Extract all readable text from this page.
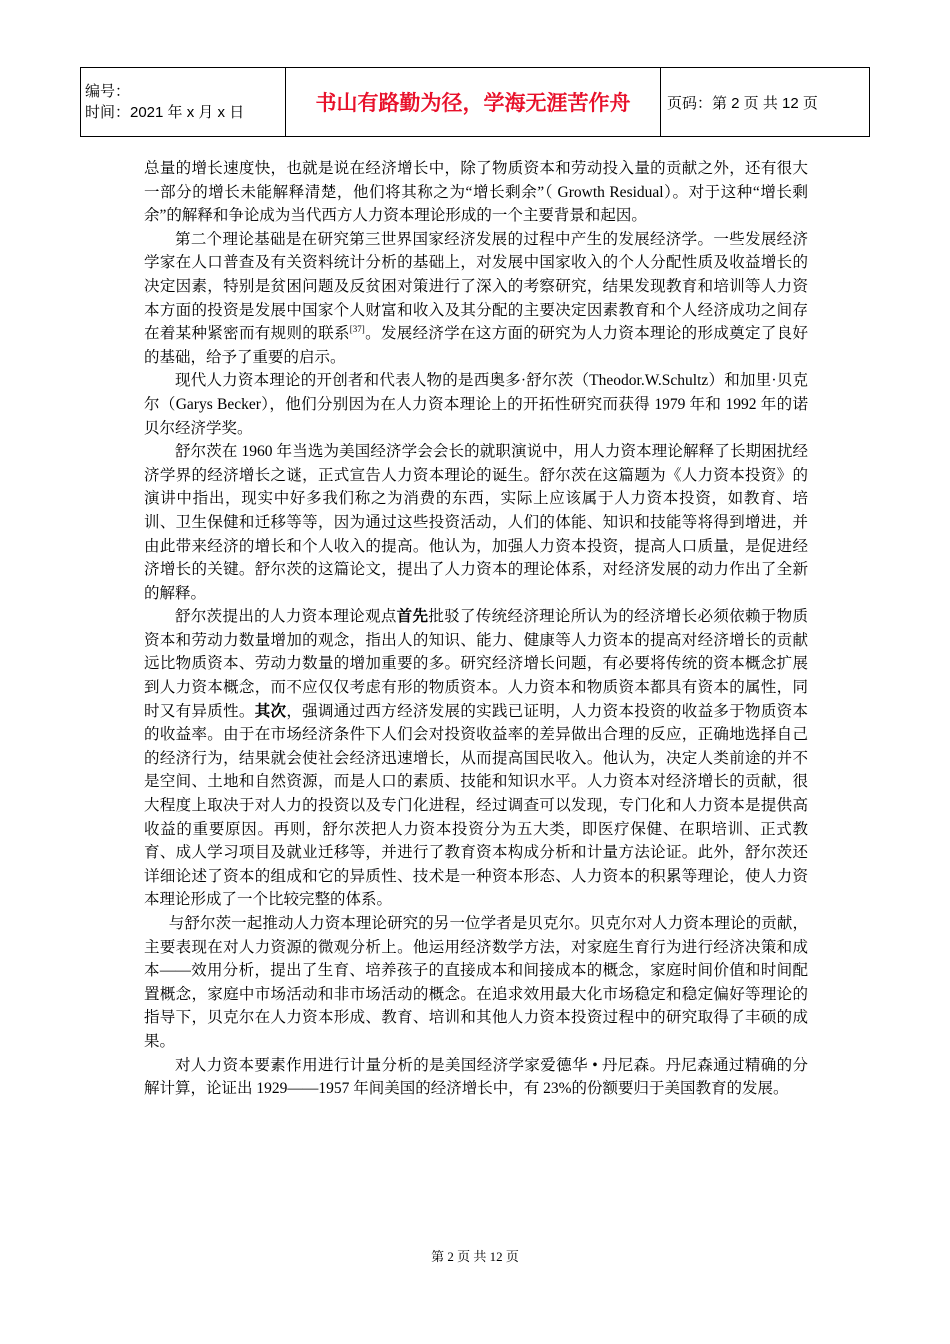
编号：
时间：2021 年 x 月 x 日	书山有路勤为径，学海无涯苦作舟	页码：第 2 页 共 12 页

总量的增长速度快，也就是说在经济增长中，除了物质资本和劳动投入量的贡献之外，还有很大一部分的增长未能解释清楚，他们将其称之为“增长剩余”（ Growth Residual）。对于这种“增长剩余”的解释和争论成为当代西方人力资本理论形成的一个主要背景和起因。

第二个理论基础是在研究第三世界国家经济发展的过程中产生的发展经济学。一些发展经济学家在人口普查及有关资料统计分析的基础上，对发展中国家收入的个人分配性质及收益增长的决定因素，特别是贫困问题及反贫困对策进行了深入的考察研究，结果发现教育和培训等人力资本方面的投资是发展中国家个人财富和收入及其分配的主要决定因素教育和个人经济成功之间存在着某种紧密而有规则的联系[37]。发展经济学在这方面的研究为人力资本理论的形成奠定了良好的基础，给予了重要的启示。

现代人力资本理论的开创者和代表人物的是西奥多·舒尔茨（Theodor.W.Schultz）和加里·贝克尔（Garys Becker），他们分别因为在人力资本理论上的开拓性研究而获得 1979 年和 1992 年的诺贝尔经济学奖。

舒尔茨在 1960 年当选为美国经济学会会长的就职演说中，用人力资本理论解释了长期困扰经济学界的经济增长之谜，正式宣告人力资本理论的诞生。舒尔茨在这篇题为《人力资本投资》的演讲中指出，现实中好多我们称之为消费的东西，实际上应该属于人力资本投资，如教育、培训、卫生保健和迁移等等，因为通过这些投资活动，人们的体能、知识和技能等将得到增进，并由此带来经济的增长和个人收入的提高。他认为，加强人力资本投资，提高人口质量，是促进经济增长的关键。舒尔茨的这篇论文，提出了人力资本的理论体系，对经济发展的动力作出了全新的解释。

舒尔茨提出的人力资本理论观点首先批驳了传统经济理论所认为的经济增长必须依赖于物质资本和劳动力数量增加的观念，指出人的知识、能力、健康等人力资本的提高对经济增长的贡献远比物质资本、劳动力数量的增加重要的多。研究经济增长问题，有必要将传统的资本概念扩展到人力资本概念，而不应仅仅考虑有形的物质资本。人力资本和物质资本都具有资本的属性，同时又有异质性。其次，强调通过西方经济发展的实践已证明，人力资本投资的收益多于物质资本的收益率。由于在市场经济条件下人们会对投资收益率的差异做出合理的反应，正确地选择自己的经济行为，结果就会使社会经济迅速增长，从而提高国民收入。他认为，决定人类前途的并不是空间、土地和自然资源，而是人口的素质、技能和知识水平。人力资本对经济增长的贡献，很大程度上取决于对人力的投资以及专门化进程，经过调查可以发现，专门化和人力资本是提供高收益的重要原因。再则，舒尔茨把人力资本投资分为五大类，即医疗保健、在职培训、正式教育、成人学习项目及就业迁移等，并进行了教育资本构成分析和计量方法论证。此外，舒尔茨还详细论述了资本的组成和它的异质性、技术是一种资本形态、人力资本的积累等理论，使人力资本理论形成了一个比较完整的体系。

与舒尔茨一起推动人力资本理论研究的另一位学者是贝克尔。贝克尔对人力资本理论的贡献，主要表现在对人力资源的微观分析上。他运用经济数学方法，对家庭生育行为进行经济决策和成本——效用分析，提出了生育、培养孩子的直接成本和间接成本的概念，家庭时间价值和时间配置概念，家庭中市场活动和非市场活动的概念。在追求效用最大化市场稳定和稳定偏好等理论的指导下，贝克尔在人力资本形成、教育、培训和其他人力资本投资过程中的研究取得了丰硕的成果。

对人力资本要素作用进行计量分析的是美国经济学家爱德华 • 丹尼森。丹尼森通过精确的分解计算，论证出 1929——1957 年间美国的经济增长中，有 23%的份额要归于美国教育的发展。

第 2 页 共 12 页
